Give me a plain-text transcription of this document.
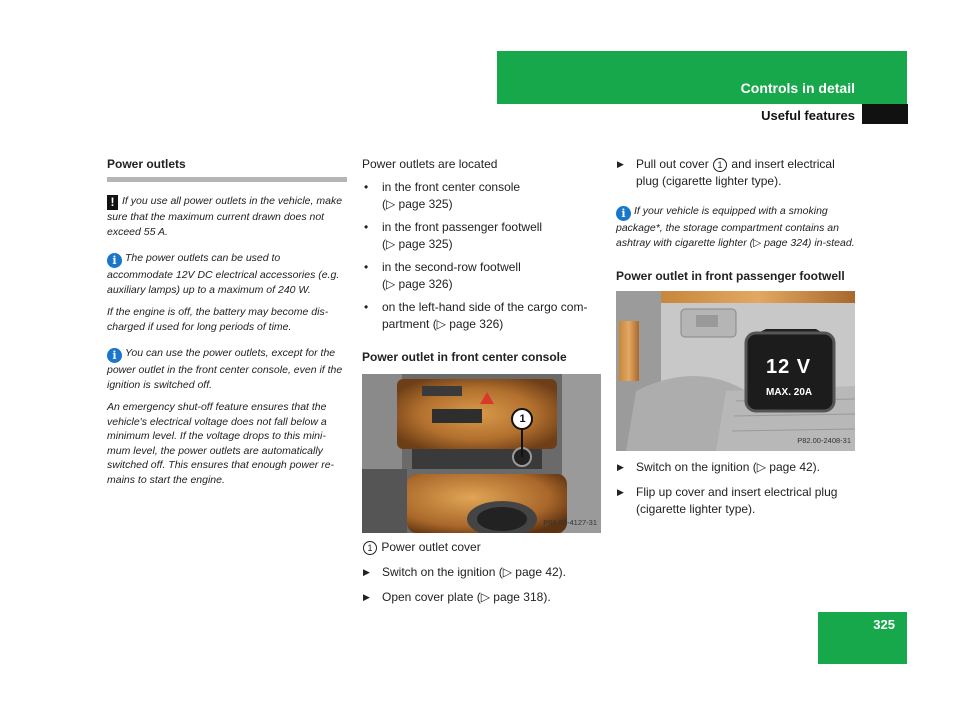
Controls in detail
Useful features
Power outlets

! If you use all power outlets in the vehicle, make sure that the maximum current drawn does not exceed 55 A.

i The power outlets can be used to accommodate 12V DC electrical accessories (e.g. auxiliary lamps) up to a maximum of 240 W.

If the engine is off, the battery may become dis-charged if used for long periods of time.

i You can use the power outlets, except for the power outlet in the front center console, even if the ignition is switched off.

An emergency shut-off feature ensures that the vehicle's electrical voltage does not fall below a minimum level. If the voltage drops to this mini-mum level, the power outlets are automatically switched off. This ensures that enough power re-mains to start the engine.

Power outlets are located

• in the front center console
(▷ page 325)
• in the front passenger footwell
(▷ page 325)
• in the second-row footwell
(▷ page 326)
• on the left-hand side of the cargo com-
partment (▷ page 326)
Power outlet in front center console
1
P68.00-4127-31

1 Power outlet cover

▶ Switch on the ignition (▷ page 42).
▶ Open cover plate (▷ page 318).
▶ Pull out cover 1 and insert electrical plug (cigarette lighter type).

i If your vehicle is equipped with a smoking package*, the storage compartment contains an ashtray with cigarette lighter (▷ page 324) in-stead.

Power outlet in front passenger footwell
12 V
MAX. 20A
P82.00-2408-31
▶ Switch on the ignition (▷ page 42).
▶ Flip up cover and insert electrical plug (cigarette lighter type).
325
